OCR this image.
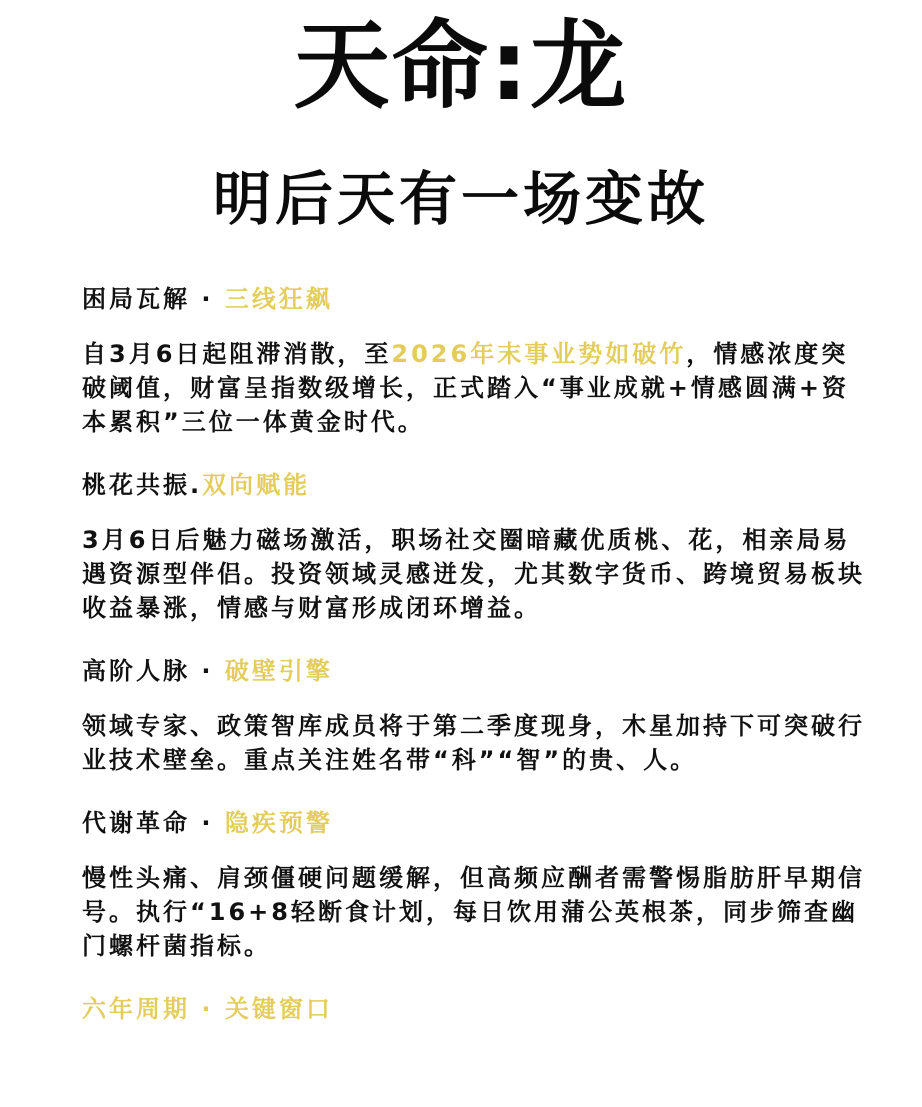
天命:龙
明后天有一场变故

困局瓦解 · 三线狂飙

自3月6日起阻滞消散，至2026年末事业势如破竹，情感浓度突破阈值，财富呈指数级增长，正式踏入“事业成就+情感圆满+资本累积”三位一体黄金时代。

桃花共振.双向赋能

3月6日后魅力磁场激活，职场社交圈暗藏优质桃、花，相亲局易遇资源型伴侣。投资领域灵感迸发，尤其数字货币、跨境贸易板块收益暴涨，情感与财富形成闭环增益。

高阶人脉 · 破壁引擎

领域专家、政策智库成员将于第二季度现身，木星加持下可突破行业技术壁垒。重点关注姓名带“科”“智”的贵、人。

代谢革命 · 隐疾预警

慢性头痛、肩颈僵硬问题缓解，但高频应酬者需警惕脂肪肝早期信号。执行“16+8轻断食计划，每日饮用蒲公英根茶，同步筛查幽门螺杆菌指标。

六年周期 · 关键窗口
